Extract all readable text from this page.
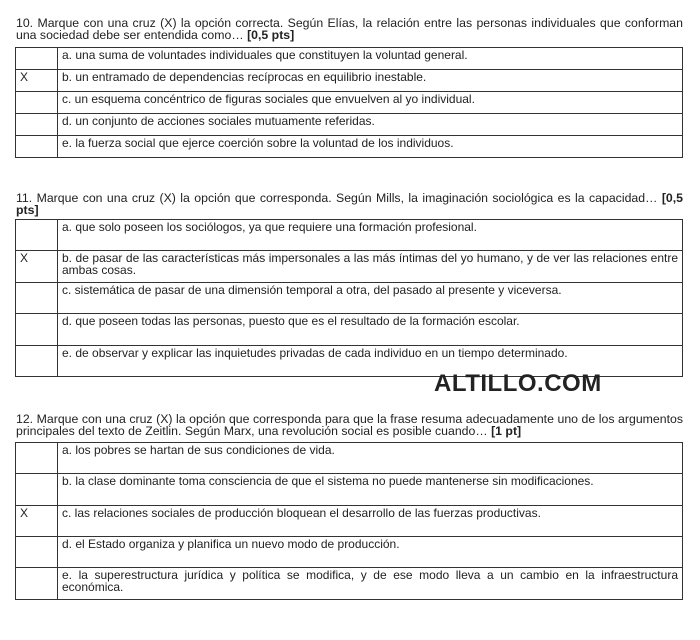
10. Marque con una cruz (X) la opción correcta. Según Elías, la relación entre las personas individuales que conforman una sociedad debe ser entendida como… [0,5 pts]
	a. una suma de voluntades individuales que constituyen la voluntad general.
X	b. un entramado de dependencias recíprocas en equilibrio inestable.
	c. un esquema concéntrico de figuras sociales que envuelven al yo individual.
	d. un conjunto de acciones sociales mutuamente referidas.
	e. la fuerza social que ejerce coerción sobre la voluntad de los individuos.
11. Marque con una cruz (X) la opción que corresponda. Según Mills, la imaginación sociológica es la capacidad… [0,5 pts]
	a. que solo poseen los sociólogos, ya que requiere una formación profesional.
X	b. de pasar de las características más impersonales a las más íntimas del yo humano, y de ver las relaciones entre ambas cosas.
	c. sistemática de pasar de una dimensión temporal a otra, del pasado al presente y viceversa.
	d. que poseen todas las personas, puesto que es el resultado de la formación escolar.
	e. de observar y explicar las inquietudes privadas de cada individuo en un tiempo determinado.
ALTILLO.COM
12. Marque con una cruz (X) la opción que corresponda para que la frase resuma adecuadamente uno de los argumentos principales del texto de Zeitlin. Según Marx, una revolución social es posible cuando… [1 pt]
	a. los pobres se hartan de sus condiciones de vida.
	b. la clase dominante toma consciencia de que el sistema no puede mantenerse sin modificaciones.
X	c. las relaciones sociales de producción bloquean el desarrollo de las fuerzas productivas.
	d. el Estado organiza y planifica un nuevo modo de producción.
	e. la superestructura jurídica y política se modifica, y de ese modo lleva a un cambio en la infraestructura económica.
